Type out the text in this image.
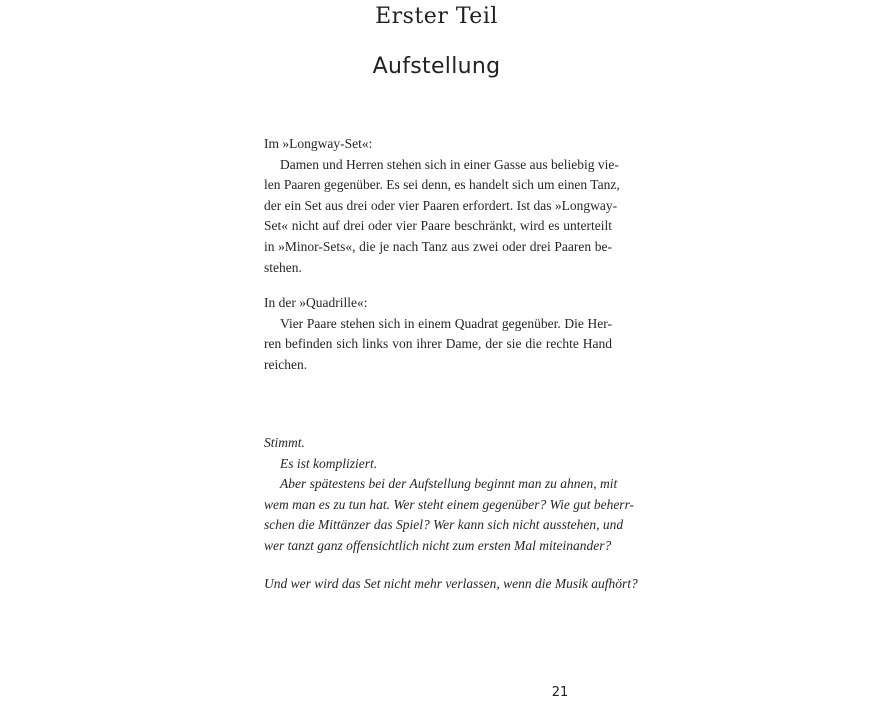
Erster Teil
Aufstellung
Im »Longway-Set«:
Damen und Herren stehen sich in einer Gasse aus beliebig vie-
len Paaren gegenüber. Es sei denn, es handelt sich um einen Tanz,
der ein Set aus drei oder vier Paaren erfordert. Ist das »Longway-
Set« nicht auf drei oder vier Paare beschränkt, wird es unterteilt
in »Minor-Sets«, die je nach Tanz aus zwei oder drei Paaren be-
stehen.
In der »Quadrille«:
Vier Paare stehen sich in einem Quadrat gegenüber. Die Her-
ren befinden sich links von ihrer Dame, der sie die rechte Hand
reichen.
Stimmt.
Es ist kompliziert.
Aber spätestens bei der Aufstellung beginnt man zu ahnen, mit
wem man es zu tun hat. Wer steht einem gegenüber? Wie gut beherr-
schen die Mittänzer das Spiel? Wer kann sich nicht ausstehen, und
wer tanzt ganz offensichtlich nicht zum ersten Mal miteinander?
Und wer wird das Set nicht mehr verlassen, wenn die Musik aufhört?
21
